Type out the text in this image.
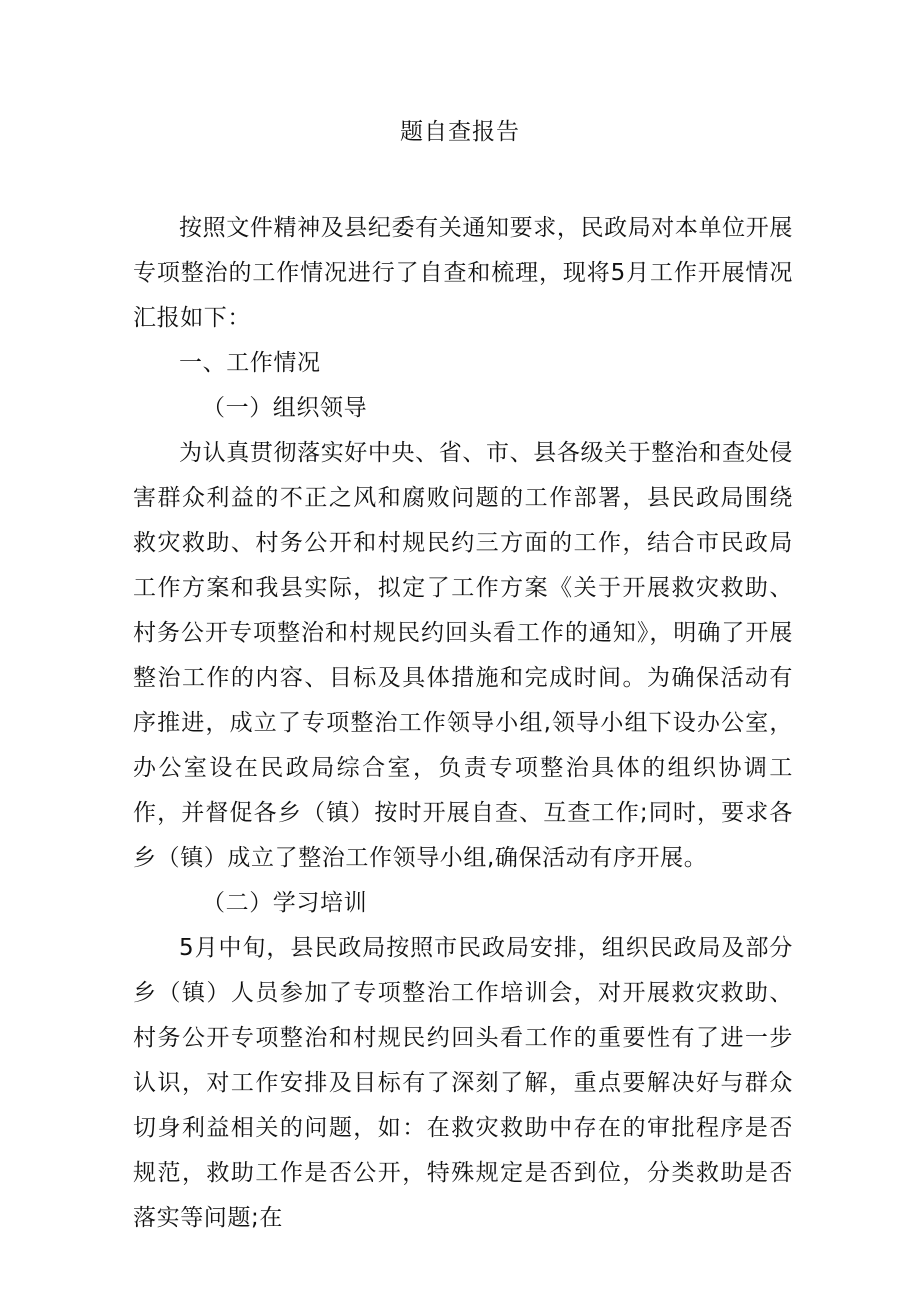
题自查报告

按照文件精神及县纪委有关通知要求，民政局对本单位开展专项整治的工作情况进行了自查和梳理，现将5月工作开展情况汇报如下：

一、工作情况

（一）组织领导

为认真贯彻落实好中央、省、市、县各级关于整治和查处侵害群众利益的不正之风和腐败问题的工作部署，县民政局围绕救灾救助、村务公开和村规民约三方面的工作，结合市民政局工作方案和我县实际，拟定了工作方案《关于开展救灾救助、村务公开专项整治和村规民约回头看工作的通知》，明确了开展整治工作的内容、目标及具体措施和完成时间。为确保活动有序推进，成立了专项整治工作领导小组,领导小组下设办公室，办公室设在民政局综合室，负责专项整治具体的组织协调工作，并督促各乡（镇）按时开展自查、互查工作;同时，要求各乡（镇）成立了整治工作领导小组,确保活动有序开展。

（二）学习培训

5月中旬，县民政局按照市民政局安排，组织民政局及部分乡（镇）人员参加了专项整治工作培训会，对开展救灾救助、村务公开专项整治和村规民约回头看工作的重要性有了进一步认识，对工作安排及目标有了深刻了解，重点要解决好与群众切身利益相关的问题，如：在救灾救助中存在的审批程序是否规范，救助工作是否公开，特殊规定是否到位，分类救助是否落实等问题;在
